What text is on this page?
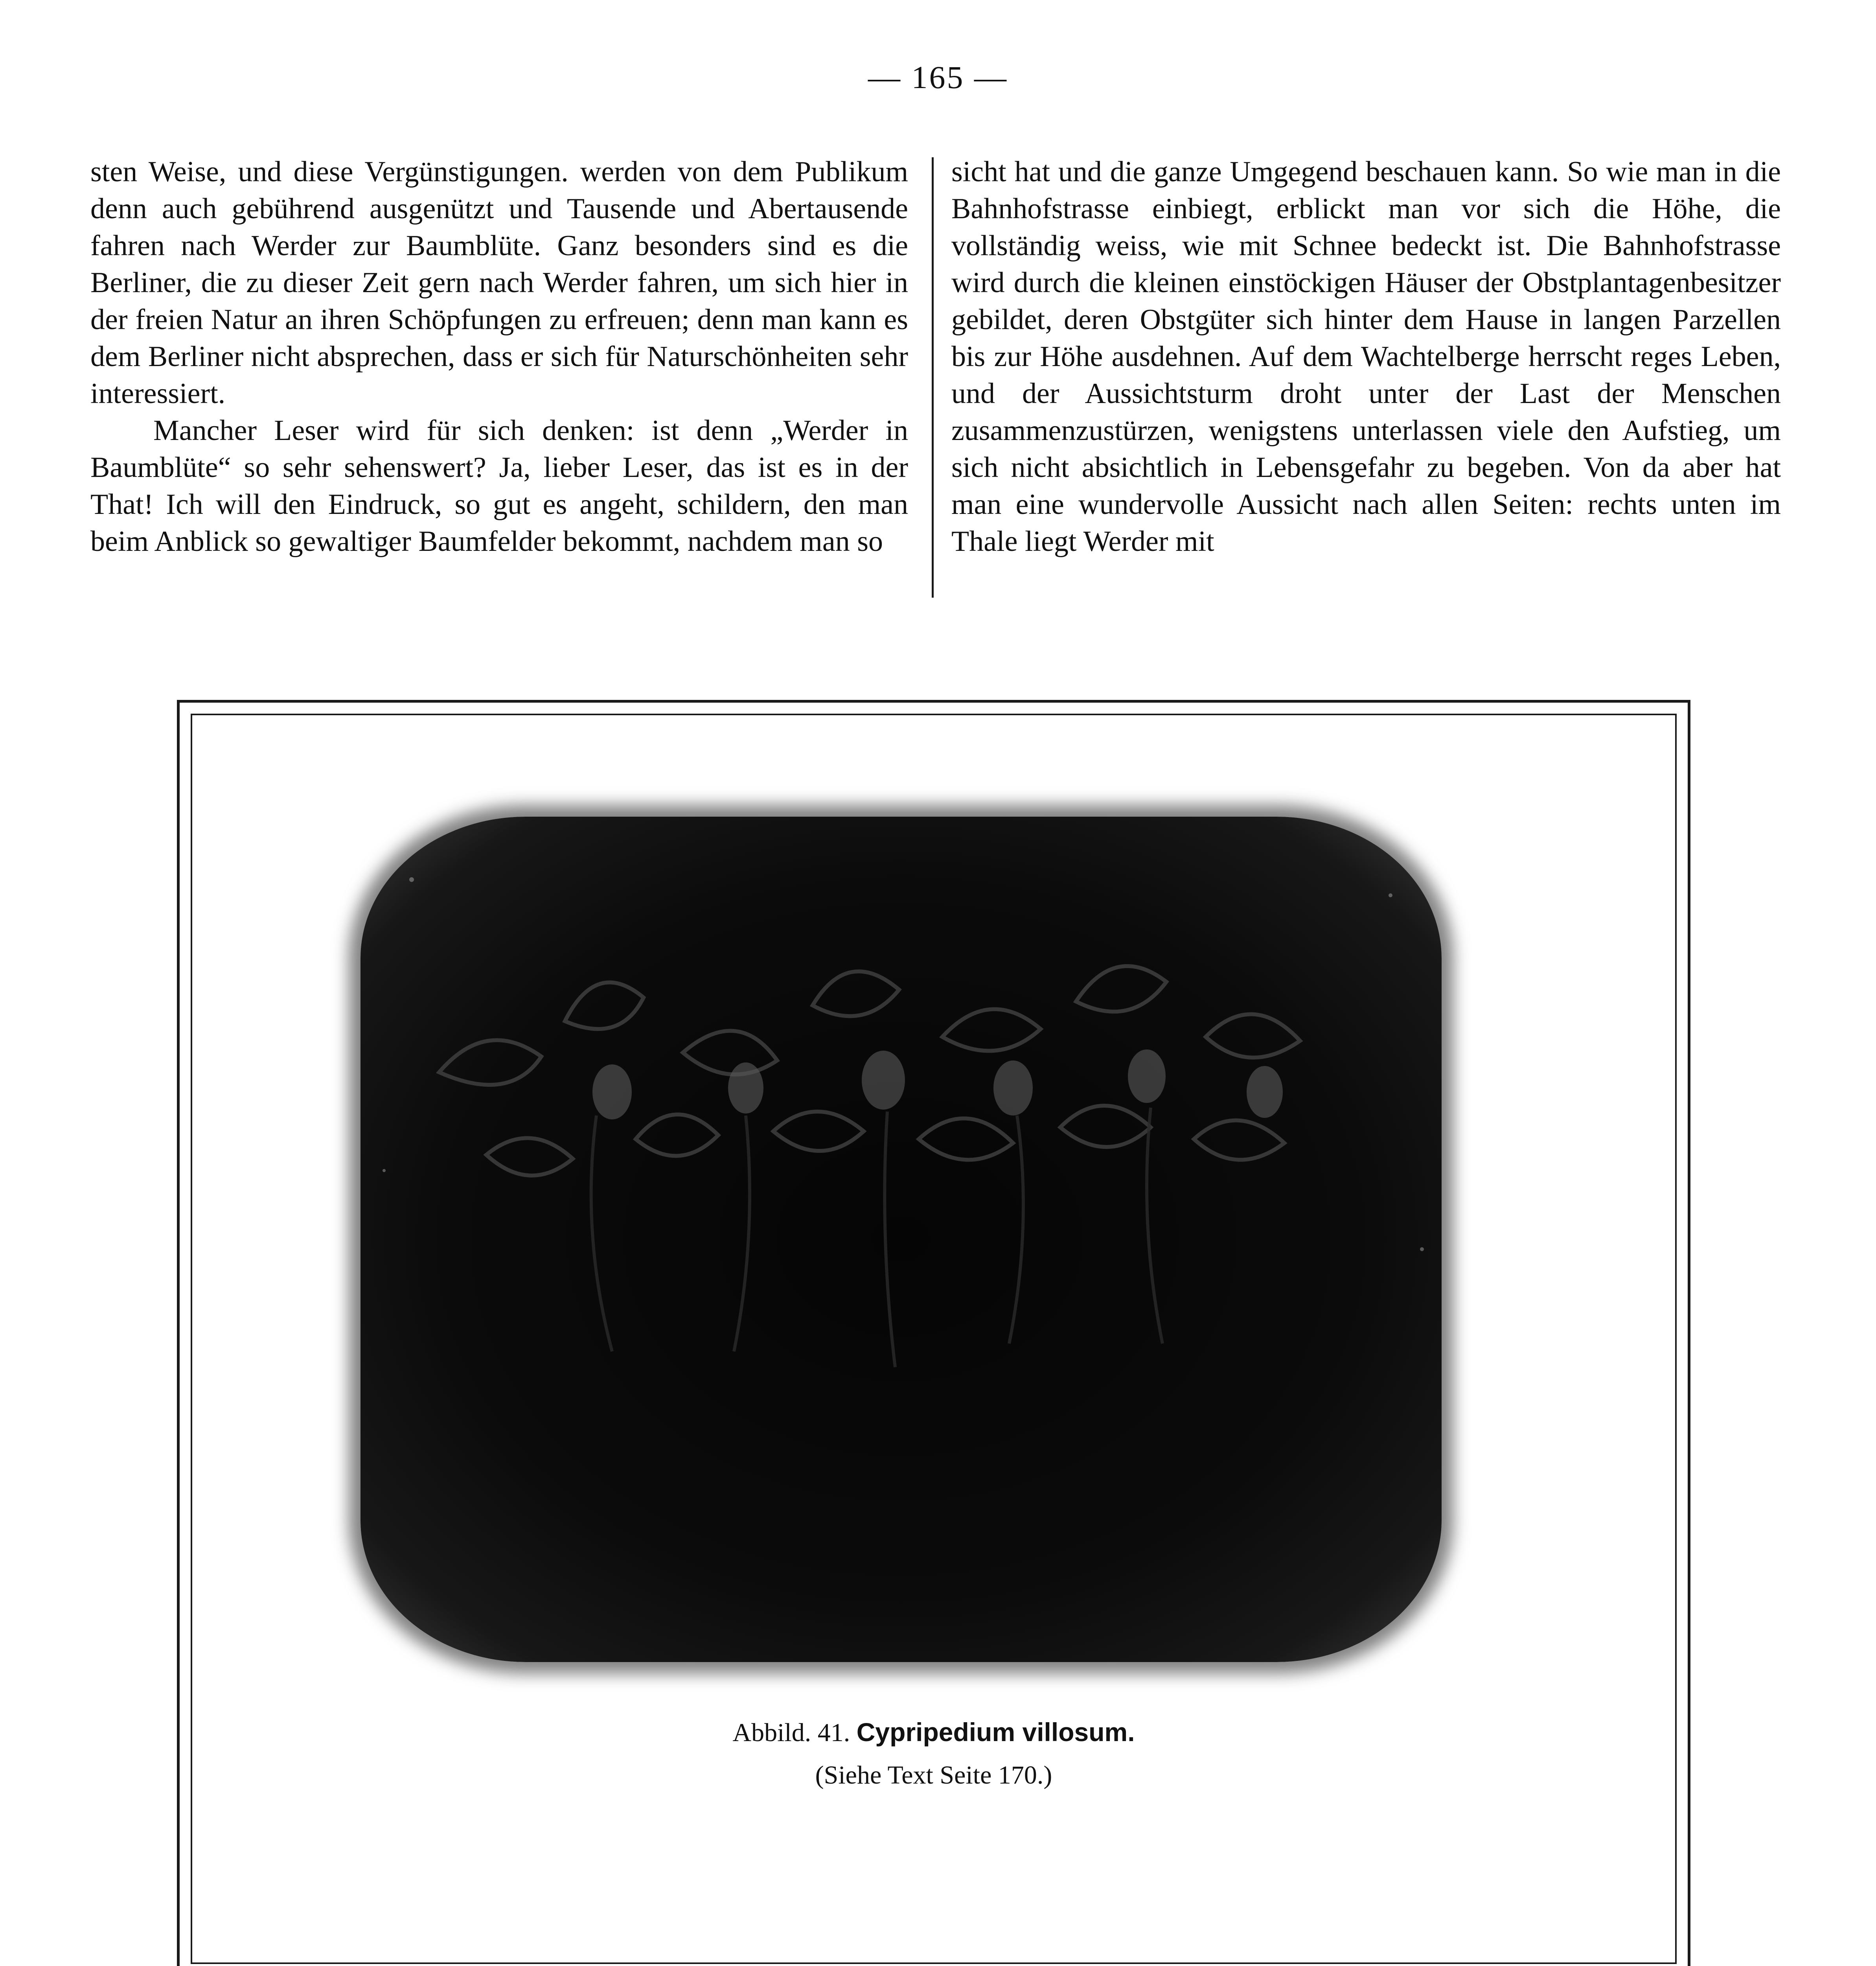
— 165 —

sten Weise, und diese Vergünstigungen. werden von dem Publikum denn auch gebührend ausgenützt und Tausende und Abertausende fahren nach Werder zur Baumblüte. Ganz besonders sind es die Berliner, die zu dieser Zeit gern nach Werder fahren, um sich hier in der freien Natur an ihren Schöpfungen zu erfreuen; denn man kann es dem Berliner nicht absprechen, dass er sich für Naturschönheiten sehr interessiert.

Mancher Leser wird für sich denken: ist denn „Werder in Baumblüte“ so sehr sehenswert? Ja, lieber Leser, das ist es in der That! Ich will den Eindruck, so gut es angeht, schildern, den man beim Anblick so gewaltiger Baumfelder bekommt, nachdem man so

sicht hat und die ganze Umgegend beschauen kann. So wie man in die Bahnhofstrasse einbiegt, erblickt man vor sich die Höhe, die vollständig weiss, wie mit Schnee bedeckt ist. Die Bahnhofstrasse wird durch die kleinen einstöckigen Häuser der Obstplantagenbesitzer gebildet, deren Obstgüter sich hinter dem Hause in langen Parzellen bis zur Höhe ausdehnen. Auf dem Wachtelberge herrscht reges Leben, und der Aussichtsturm droht unter der Last der Menschen zusammenzustürzen, wenigstens unterlassen viele den Aufstieg, um sich nicht absichtlich in Lebensgefahr zu begeben. Von da aber hat man eine wundervolle Aussicht nach allen Seiten: rechts unten im Thale liegt Werder mit

Abbild. 41. Cypripedium villosum.
(Siehe Text Seite 170.)
